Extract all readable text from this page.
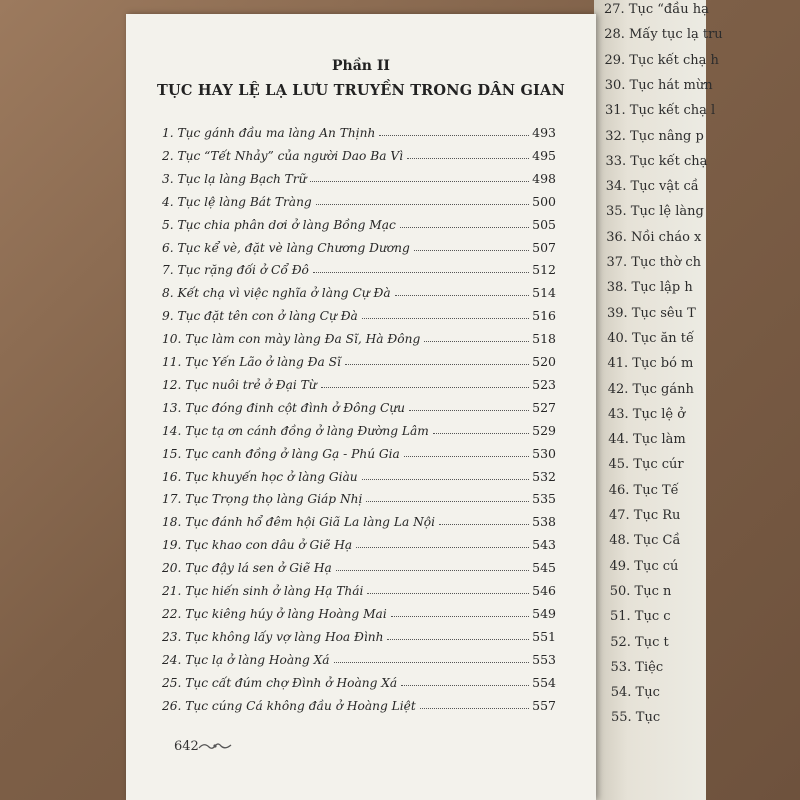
27. Tục “đầu hạ
28. Mấy tục lạ tru
29. Tục kết chạ h
30. Tục hát mừn
31. Tục kết chạ l
32. Tục nâng p
33. Tục kết chạ
34. Tục vật cầ
35. Tục lệ làng
36. Nồi cháo x
37. Tục thờ ch
38. Tục lập h
39. Tục sêu T
40. Tục ăn tế
41. Tục bó m
42. Tục gánh
43. Tục lệ ở
44. Tục làm
45. Tục cúr
46. Tục Tế
47. Tục Ru
48. Tục Cầ
49. Tục cú
50. Tục n
51. Tục c
52. Tục t
53. Tiệc
54. Tục
55. Tục
Phần II
TỤC HAY LỆ LẠ LƯU TRUYỀN TRONG DÂN GIAN
1. Tục gánh đầu ma làng An Thịnh	493
2. Tục “Tết Nhảy” của người Dao Ba Vì	495
3. Tục lạ làng Bạch Trữ	498
4. Tục lệ làng Bát Tràng	500
5. Tục chia phân dơi ở làng Bồng Mạc	505
6. Tục kể vè, đặt vè làng Chương Dương	507
7. Tục rặng đối ở Cổ Đô	512
8. Kết chạ vì việc nghĩa ở làng Cự Đà	514
9. Tục đặt tên con ở làng Cự Đà	516
10. Tục làm con mày làng Đa Sĩ, Hà Đông	518
11. Tục Yến Lão ở làng Đa Sĩ	520
12. Tục nuôi trẻ ở Đại Từ	523
13. Tục đóng đinh cột đình ở Đông Cựu	527
14. Tục tạ ơn cánh đồng ở làng Đường Lâm	529
15. Tục canh đồng ở làng Gạ - Phú Gia	530
16. Tục khuyến học ở làng Giàu	532
17. Tục Trọng thọ làng Giáp Nhị	535
18. Tục đánh hổ đêm hội Giã La làng La Nội	538
19. Tục khao con dâu ở Giẽ Hạ	543
20. Tục đậy lá sen ở Giẽ Hạ	545
21. Tục hiến sinh ở làng Hạ Thái	546
22. Tục kiêng húy ở làng Hoàng Mai	549
23. Tục không lấy vợ làng Hoa Đình	551
24. Tục lạ ở làng Hoàng Xá	553
25. Tục cất đúm chợ Đình ở Hoàng Xá	554
26. Tục cúng Cá không đầu ở Hoàng Liệt	557
642
